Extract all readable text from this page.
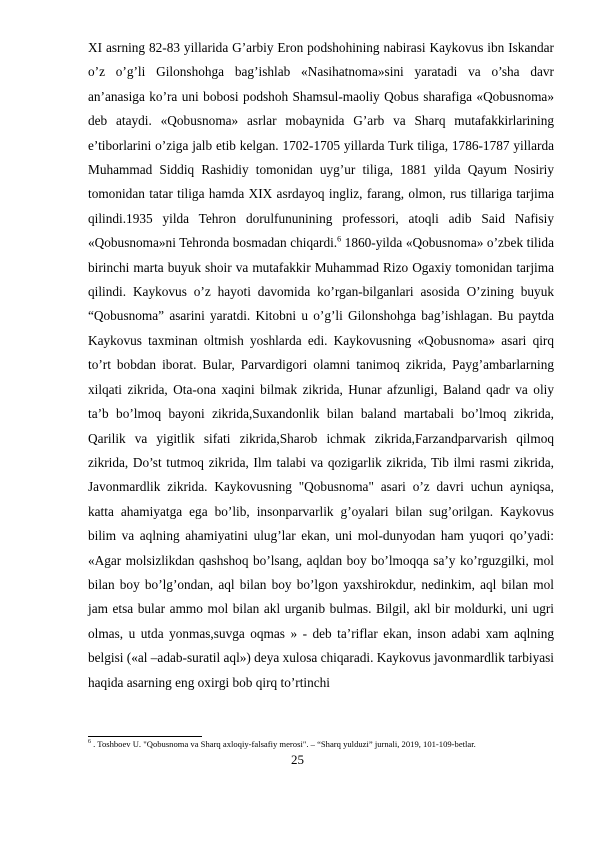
XI asrning 82-83 yillarida G’arbiy Eron podshohining nabirasi Kaykovus ibn Iskandar o’z o’g’li Gilonshohga bag’ishlab «Nasihatnoma»sini yaratadi va o’sha davr an’anasiga ko’ra uni bobosi podshoh Shamsul-maoliy Qobus sharafiga «Qobusnoma» deb ataydi. «Qobusnoma» asrlar mobaynida G’arb va Sharq mutafakkirlarining e’tiborlarini o’ziga jalb etib kelgan. 1702-1705 yillarda Turk tiliga, 1786-1787 yillarda Muhammad Siddiq Rashidiy tomonidan uyg’ur tiliga, 1881 yilda Qayum Nosiriy tomonidan tatar tiliga hamda XIX asrdayoq ingliz, farang, olmon, rus tillariga tarjima qilindi.1935 yilda Tehron dorulfununining professori, atoqli adib Said Nafisiy «Qobusnoma»ni Tehronda bosmadan chiqardi.$^6$ 1860-yilda «Qobusnoma» o’zbek tilida birinchi marta buyuk shoir va mutafakkir Muhammad Rizo Ogaxiy tomonidan tarjima qilindi. Kaykovus o’z hayoti davomida ko’rgan-bilganlari asosida O’zining buyuk “Qobusnoma” asarini yaratdi. Kitobni u o’g’li Gilonshohga bag’ishlagan. Bu paytda Kaykovus taxminan oltmish yoshlarda edi. Kaykovusning «Qobusnoma» asari qirq to’rt bobdan iborat. Bular, Parvardigori olamni tanimoq zikrida, Payg’ambarlarning xilqati zikrida, Ota-ona xaqini bilmak zikrida, Hunar afzunligi, Baland qadr va oliy ta’b bo’lmoq bayoni zikrida,Suxandonlik bilan baland martabali bo’lmoq zikrida, Qarilik va yigitlik sifati zikrida,Sharob ichmak zikrida,Farzandparvarish qilmoq zikrida, Do’st tutmoq zikrida, Ilm talabi va qozigarlik zikrida, Tib ilmi rasmi zikrida, Javonmardlik zikrida. Kaykovusning "Qobusnoma" asari o’z davri uchun ayniqsa, katta ahamiyatga ega bo’lib, insonparvarlik g’oyalari bilan sug’orilgan. Kaykovus bilim va aqlning ahamiyatini ulug’lar ekan, uni mol-dunyodan ham yuqori qo’yadi: «Agar molsizlikdan qashshoq bo’lsang, aqldan boy bo’lmoqqa sa’y ko’rguzgilki, mol bilan boy bo’lg’ondan, aql bilan boy bo’lgon yaxshirokdur, nedinkim, aql bilan mol jam etsa bular ammo mol bilan akl urganib bulmas. Bilgil, akl bir moldurki, uni ugri olmas, u utda yonmas,suvga oqmas » - deb ta’riflar ekan, inson adabi xam aqlning belgisi («al –adab-suratil aql») deya xulosa chiqaradi. Kaykovus javonmardlik tarbiyasi haqida asarning eng oxirgi bob qirq to’rtinchi

$^6$ . Toshboev U. "Qobusnoma va Sharq axloqiy-falsafiy merosi". – “Sharq yulduzi” jurnali, 2019, 101-109-betlar.

25
